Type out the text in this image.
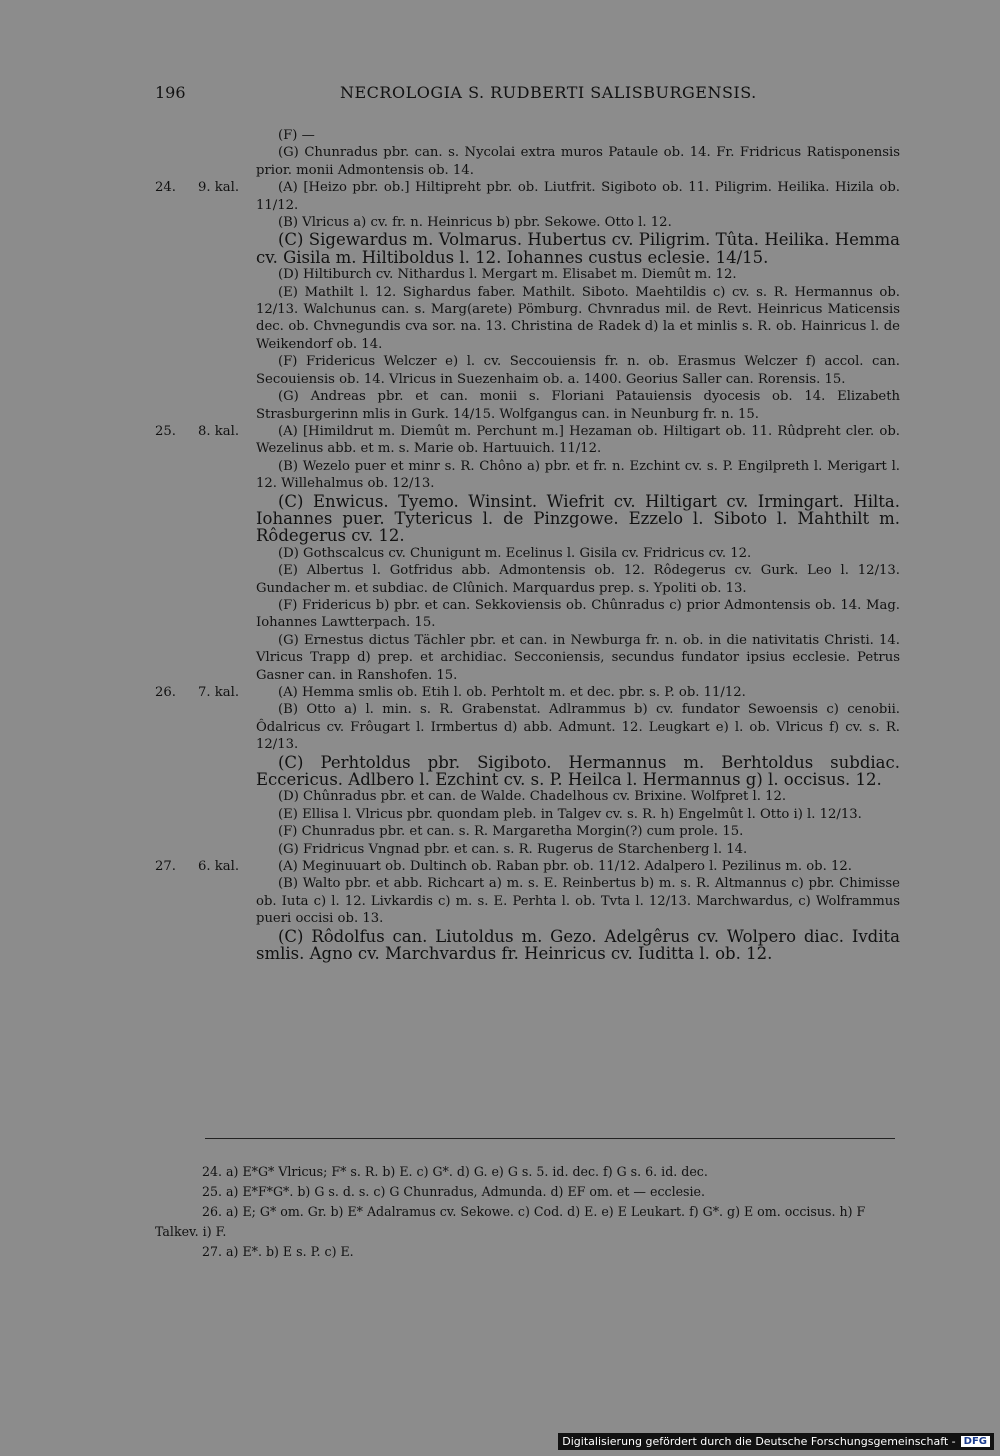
196	NECROLOGIA S. RUDBERTI SALISBURGENSIS.

(F) —

(G) Chunradus pbr. can. s. Nycolai extra muros Pataule ob. 14. Fr. Fridricus Ratisponensis prior. monii Admontensis ob. 14.

24.	9. kal.	(A) [Heizo pbr. ob.] Hiltipreht pbr. ob. Liutfrit. Sigiboto ob. 11. Piligrim. Heilika. Hizila ob. 11/12.

(B) Vlricus a) cv. fr. n. Heinricus b) pbr. Sekowe. Otto l. 12.

(C) Sigewardus m. Volmarus. Hubertus cv. Piligrim. Tûta. Heilika. Hemma cv. Gisila m. Hiltiboldus l. 12. Iohannes custus eclesie. 14/15.

(D) Hiltiburch cv. Nithardus l. Mergart m. Elisabet m. Diemût m. 12.

(E) Mathilt l. 12. Sighardus faber. Mathilt. Siboto. Maehtildis c) cv. s. R. Hermannus ob. 12/13. Walchunus can. s. Marg(arete) Pömburg. Chvnradus mil. de Revt. Heinricus Maticensis dec. ob. Chvnegundis cva sor. na. 13. Christina de Radek d) la et minlis s. R. ob. Hainricus l. de Weikendorf ob. 14.

(F) Fridericus Welczer e) l. cv. Seccouiensis fr. n. ob. Erasmus Welczer f) accol. can. Secouiensis ob. 14. Vlricus in Suezenhaim ob. a. 1400. Georius Saller can. Rorensis. 15.

(G) Andreas pbr. et can. monii s. Floriani Patauiensis dyocesis ob. 14. Elizabeth Strasburgerinn mlis in Gurk. 14/15. Wolfgangus can. in Neunburg fr. n. 15.

25.	8. kal.	(A) [Himildrut m. Diemût m. Perchunt m.] Hezaman ob. Hiltigart ob. 11. Rûdpreht cler. ob. Wezelinus abb. et m. s. Marie ob. Hartuuich. 11/12.

(B) Wezelo puer et minr s. R. Chôno a) pbr. et fr. n. Ezchint cv. s. P. Engilpreth l. Merigart l. 12. Willehalmus ob. 12/13.

(C) Enwicus. Tyemo. Winsint. Wiefrit cv. Hiltigart cv. Irmingart. Hilta. Iohannes puer. Tytericus l. de Pinzgowe. Ezzelo l. Siboto l. Mahthilt m. Rôdegerus cv. 12.

(D) Gothscalcus cv. Chunigunt m. Ecelinus l. Gisila cv. Fridricus cv. 12.

(E) Albertus l. Gotfridus abb. Admontensis ob. 12. Rôdegerus cv. Gurk. Leo l. 12/13. Gundacher m. et subdiac. de Clûnich. Marquardus prep. s. Ypoliti ob. 13.

(F) Fridericus b) pbr. et can. Sekkoviensis ob. Chûnradus c) prior Admontensis ob. 14. Mag. Iohannes Lawtterpach. 15.

(G) Ernestus dictus Tächler pbr. et can. in Newburga fr. n. ob. in die nativitatis Christi. 14. Vlricus Trapp d) prep. et archidiac. Secconiensis, secundus fundator ipsius ecclesie. Petrus Gasner can. in Ranshofen. 15.

26.	7. kal.	(A) Hemma smlis ob. Etih l. ob. Perhtolt m. et dec. pbr. s. P. ob. 11/12.

(B) Otto a) l. min. s. R. Grabenstat. Adlrammus b) cv. fundator Sewoensis c) cenobii. Ôdalricus cv. Frôugart l. Irmbertus d) abb. Admunt. 12. Leugkart e) l. ob. Vlricus f) cv. s. R. 12/13.

(C) Perhtoldus pbr. Sigiboto. Hermannus m. Berhtoldus subdiac. Eccericus. Adlbero l. Ezchint cv. s. P. Heilca l. Hermannus g) l. occisus. 12.

(D) Chûnradus pbr. et can. de Walde. Chadelhous cv. Brixine. Wolfpret l. 12.

(E) Ellisa l. Vlricus pbr. quondam pleb. in Talgev cv. s. R. h) Engelmût l. Otto i) l. 12/13.

(F) Chunradus pbr. et can. s. R. Margaretha Morgin(?) cum prole. 15.

(G) Fridricus Vngnad pbr. et can. s. R. Rugerus de Starchenberg l. 14.

27.	6. kal.	(A) Meginuuart ob. Dultinch ob. Raban pbr. ob. 11/12. Adalpero l. Pezilinus m. ob. 12.

(B) Walto pbr. et abb. Richcart a) m. s. E. Reinbertus b) m. s. R. Altmannus c) pbr. Chimisse ob. Iuta c) l. 12. Livkardis c) m. s. E. Perhta l. ob. Tvta l. 12/13. Marchwardus, c) Wolframmus pueri occisi ob. 13.

(C) Rôdolfus can. Liutoldus m. Gezo. Adelgêrus cv. Wolpero diac. Ivdita smlis. Agno cv. Marchvardus fr. Heinricus cv. Iuditta l. ob. 12.

24. a) E*G* Vlricus; F* s. R. b) E. c) G*. d) G. e) G s. 5. id. dec. f) G s. 6. id. dec.

25. a) E*F*G*. b) G s. d. s. c) G Chunradus, Admunda. d) EF om. et — ecclesie.

26. a) E; G* om. Gr. b) E* Adalramus cv. Sekowe. c) Cod. d) E. e) E Leukart. f) G*. g) E om. occisus. h) F Talkev. i) F.

27. a) E*. b) E s. P. c) E.

Digitalisierung gefördert durch die Deutsche Forschungsgemeinschaft - DFG
